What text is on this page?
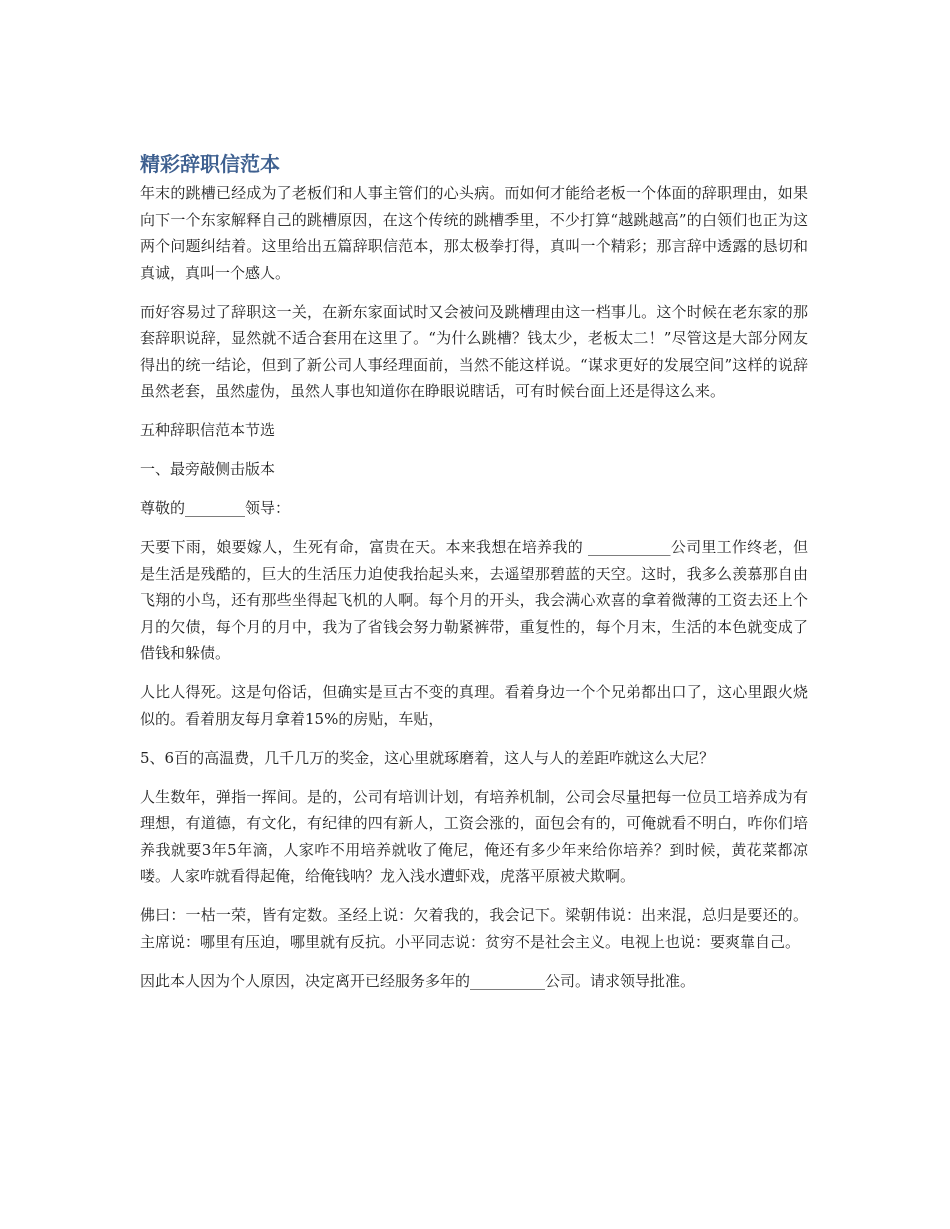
精彩辞职信范本

年末的跳槽已经成为了老板们和人事主管们的心头病。而如何才能给老板一个体面的辞职理由，如果向下一个东家解释自己的跳槽原因，在这个传统的跳槽季里，不少打算“越跳越高”的白领们也正为这两个问题纠结着。这里给出五篇辞职信范本，那太极拳打得，真叫一个精彩；那言辞中透露的恳切和真诚，真叫一个感人。

而好容易过了辞职这一关，在新东家面试时又会被问及跳槽理由这一档事儿。这个时候在老东家的那套辞职说辞，显然就不适合套用在这里了。“为什么跳槽？钱太少，老板太二！”尽管这是大部分网友得出的统一结论，但到了新公司人事经理面前，当然不能这样说。“谋求更好的发展空间”这样的说辞虽然老套，虽然虚伪，虽然人事也知道你在睁眼说瞎话，可有时候台面上还是得这么来。

五种辞职信范本节选

一、最旁敲侧击版本

尊敬的________领导：

天要下雨，娘要嫁人，生死有命，富贵在天。本来我想在培养我的 ___________公司里工作终老，但是生活是残酷的，巨大的生活压力迫使我抬起头来，去遥望那碧蓝的天空。这时，我多么羡慕那自由飞翔的小鸟，还有那些坐得起飞机的人啊。每个月的开头，我会满心欢喜的拿着微薄的工资去还上个月的欠债，每个月的月中，我为了省钱会努力勒紧裤带，重复性的，每个月末，生活的本色就变成了借钱和躲债。

人比人得死。这是句俗话，但确实是亘古不变的真理。看着身边一个个兄弟都出口了，这心里跟火烧似的。看着朋友每月拿着15%的房贴，车贴，

5、6百的高温费，几千几万的奖金，这心里就琢磨着，这人与人的差距咋就这么大尼？

人生数年，弹指一挥间。是的，公司有培训计划，有培养机制，公司会尽量把每一位员工培养成为有理想，有道德，有文化，有纪律的四有新人，工资会涨的，面包会有的，可俺就看不明白，咋你们培养我就要3年5年滴，人家咋不用培养就收了俺尼，俺还有多少年来给你培养？到时候，黄花菜都凉喽。人家咋就看得起俺，给俺钱呐？龙入浅水遭虾戏，虎落平原被犬欺啊。

佛曰：一枯一荣，皆有定数。圣经上说：欠着我的，我会记下。梁朝伟说：出来混，总归是要还的。主席说：哪里有压迫，哪里就有反抗。小平同志说：贫穷不是社会主义。电视上也说：要爽靠自己。

因此本人因为个人原因，决定离开已经服务多年的__________公司。请求领导批准。
